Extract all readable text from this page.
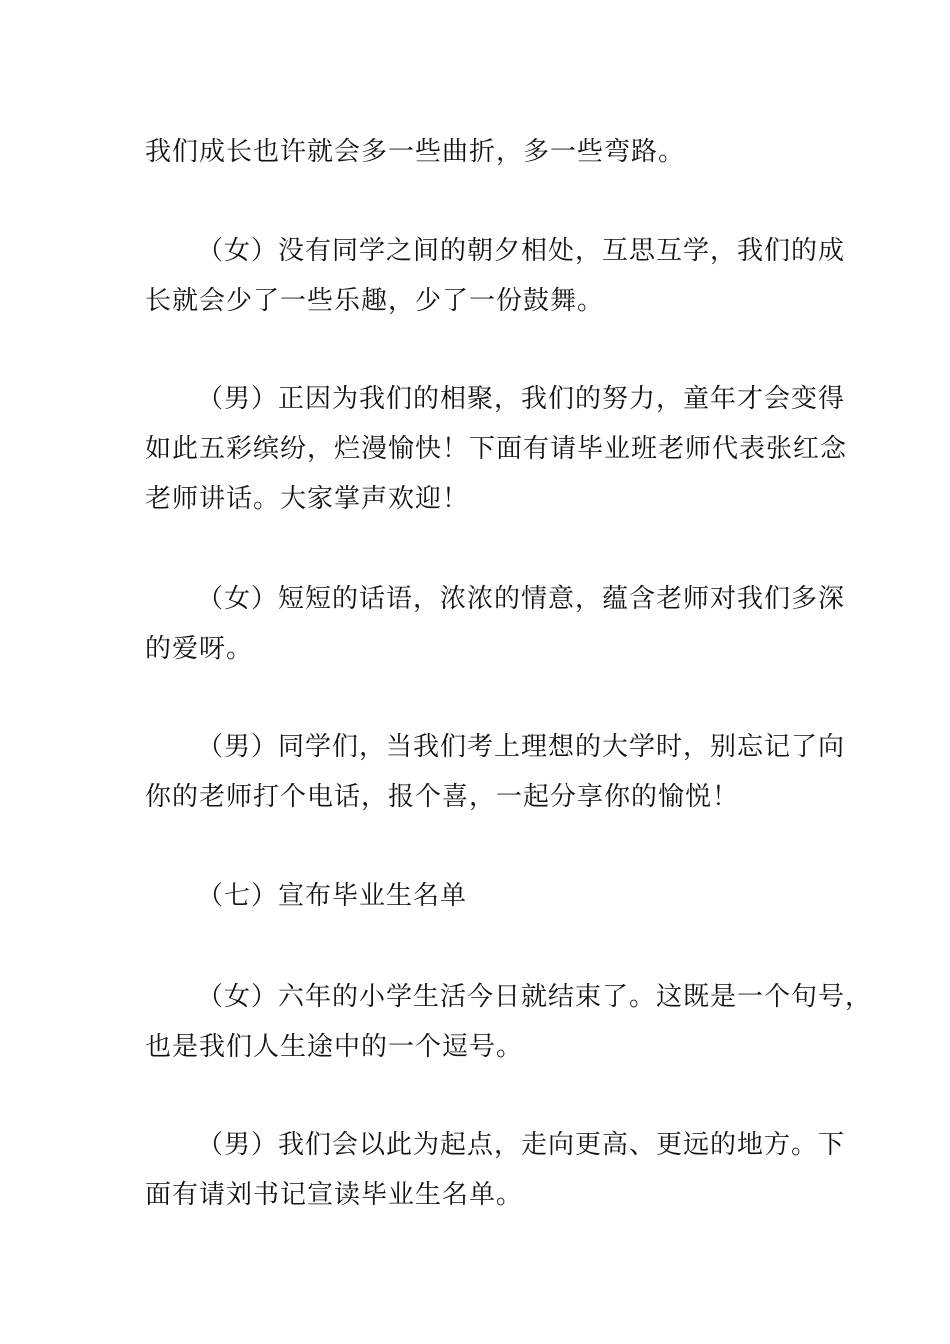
我们成长也许就会多一些曲折，多一些弯路。

（女）没有同学之间的朝夕相处，互思互学，我们的成
长就会少了一些乐趣，少了一份鼓舞。

（男）正因为我们的相聚，我们的努力，童年才会变得
如此五彩缤纷，烂漫愉快！下面有请毕业班老师代表张红念
老师讲话。大家掌声欢迎！

（女）短短的话语，浓浓的情意，蕴含老师对我们多深
的爱呀。

（男）同学们，当我们考上理想的大学时，别忘记了向
你的老师打个电话，报个喜，一起分享你的愉悦！

（七）宣布毕业生名单

（女）六年的小学生活今日就结束了。这既是一个句号，
也是我们人生途中的一个逗号。

（男）我们会以此为起点，走向更高、更远的地方。下
面有请刘书记宣读毕业生名单。
